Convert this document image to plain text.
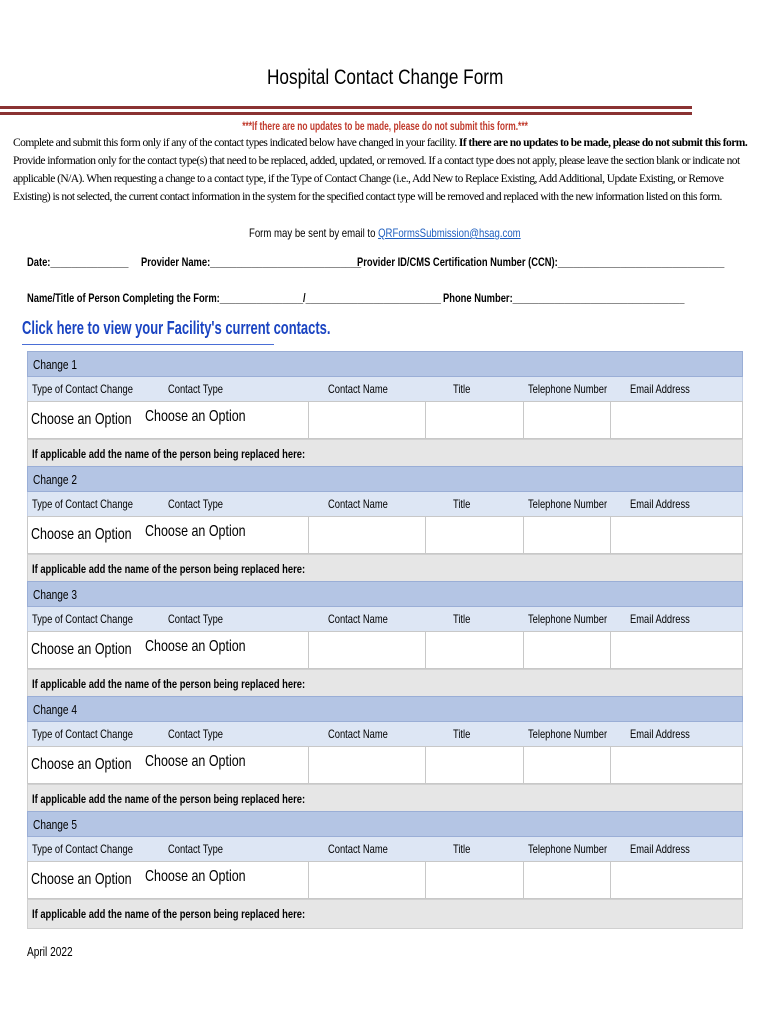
Hospital Contact Change Form
***If there are no updates to be made, please do not submit this form.***
Complete and submit this form only if any of the contact types indicated below have changed in your facility. If there are no updates to be made, please do not submit this form. Provide information only for the contact type(s) that need to be replaced, added, updated, or removed. If a contact type does not apply, please leave the section blank or indicate not applicable (N/A). When requesting a change to a contact type, if the Type of Contact Change (i.e., Add New to Replace Existing, Add Additional, Update Existing, or Remove Existing) is not selected, the current contact information in the system for the specified contact type will be removed and replaced with the new information listed on this form.
Form may be sent by email to QRFormsSubmission@hsag.com
Date:_______________	Provider Name:_____________________________
Provider ID/CMS Certification Number (CCN):________________________________
Name/Title of Person Completing the Form:________________/__________________________ Phone Number:_________________________________
Click here to view your Facility's current contacts.
Change 1
Type of Contact Change	Contact Type	Contact Name	Title	Telephone Number Email Address
Choose an Option Choose an Option
If applicable add the name of the person being replaced here:
Change 2
Type of Contact Change	Contact Type	Contact Name	Title	Telephone Number Email Address
Choose an Option Choose an Option
If applicable add the name of the person being replaced here:
Change 3
Type of Contact Change	Contact Type	Contact Name	Title	Telephone Number Email Address
Choose an Option Choose an Option
If applicable add the name of the person being replaced here:
Change 4
Type of Contact Change	Contact Type	Contact Name	Title	Telephone Number Email Address
Choose an Option Choose an Option
If applicable add the name of the person being replaced here:
Change 5
Type of Contact Change	Contact Type	Contact Name	Title	Telephone Number Email Address
Choose an Option Choose an Option
If applicable add the name of the person being replaced here:
April 2022
